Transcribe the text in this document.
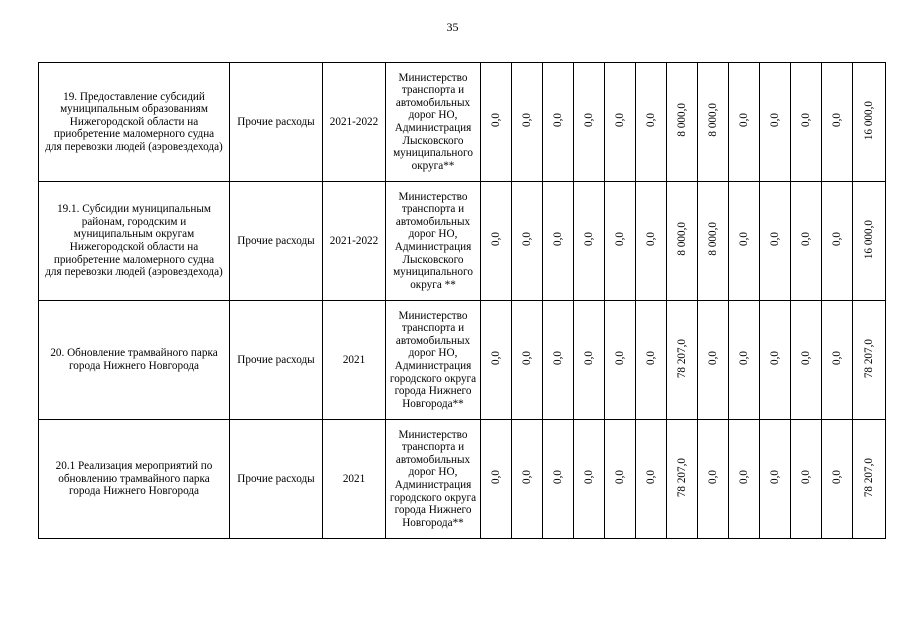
35
19. Предоставление субсидий муниципальным образованиям Нижегородской области на приобретение маломерного судна для перевозки людей (аэровездехода)	Прочие расходы	2021-2022	Министерство транспорта и автомобильных дорог НО, Администрация Лысковского муниципального округа**	0,0	0,0	0,0	0,0	0,0	0,0	8 000,0	8 000,0	0,0	0,0	0,0	0,0	16 000,0

19.1. Субсидии муниципальным районам, городским и муниципальным округам Нижегородской области на приобретение маломерного судна для перевозки людей (аэровездехода)	Прочие расходы	2021-2022	Министерство транспорта и автомобильных дорог НО, Администрация Лысковского муниципального округа **	0,0	0,0	0,0	0,0	0,0	0,0	8 000,0	8 000,0	0,0	0,0	0,0	0,0	16 000,0

20. Обновление трамвайного парка города Нижнего Новгорода	Прочие расходы	2021	Министерство транспорта и автомобильных дорог НО, Администрация городского округа города Нижнего Новгорода**	0,0	0,0	0,0	0,0	0,0	0,0	78 207,0	0,0	0,0	0,0	0,0	0,0	78 207,0

20.1 Реализация мероприятий по обновлению трамвайного парка города Нижнего Новгорода	Прочие расходы	2021	Министерство транспорта и автомобильных дорог НО, Администрация городского округа города Нижнего Новгорода**	0,0	0,0	0,0	0,0	0,0	0,0	78 207,0	0,0	0,0	0,0	0,0	0,0	78 207,0
